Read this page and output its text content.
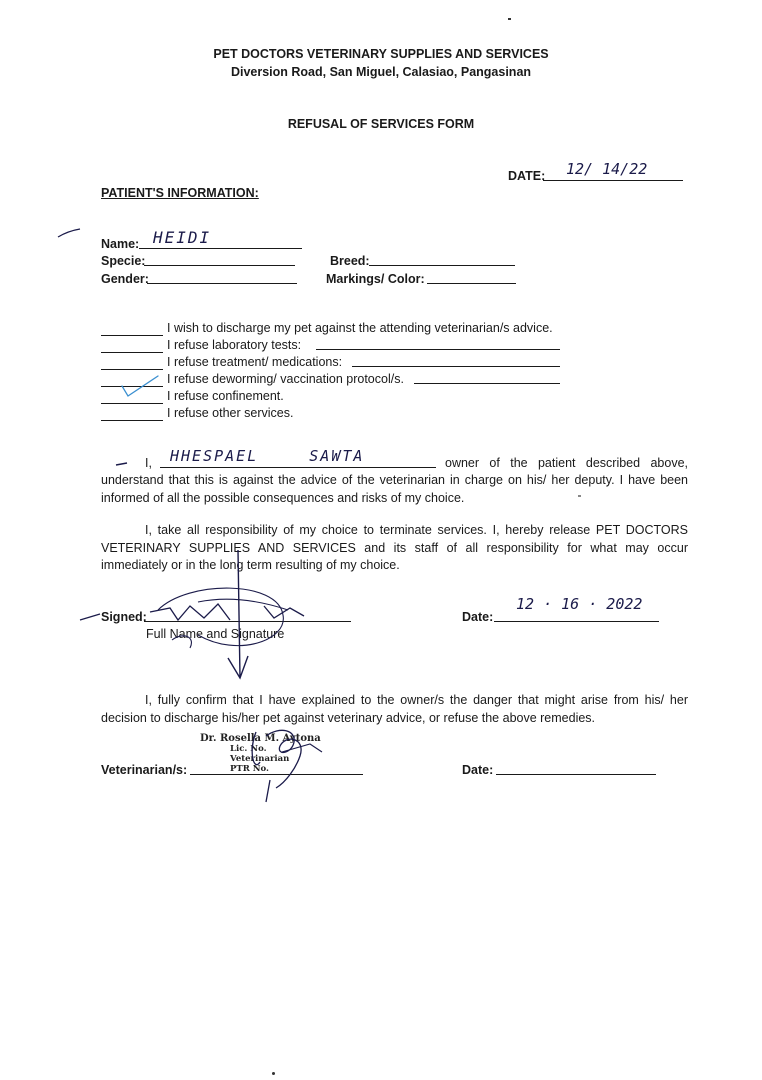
PET DOCTORS VETERINARY SUPPLIES AND SERVICES
Diversion Road, San Miguel, Calasiao, Pangasinan
REFUSAL OF SERVICES FORM
DATE: 12/ 14/22
PATIENT'S INFORMATION:
Name: HEIDI
Specie:	Breed:
Gender:	Markings/ Color:
I wish to discharge my pet against the attending veterinarian/s advice.
I refuse laboratory tests:
I refuse treatment/ medications:
I refuse deworming/ vaccination protocol/s.
I refuse confinement.
I refuse other services.
I, HHESPAEL SAWTA	owner of the patient described above,
understand that this is against the advice of the veterinarian in charge on his/ her deputy. I have been informed of all the possible consequences and risks of my choice.
I, take all responsibility of my choice to terminate services. I, hereby release PET DOCTORS VETERINARY SUPPLIES AND SERVICES and its staff of all responsibility for what may occur immediately or in the long term resulting of my choice.
Signed:
Full Name and Signature
Date:
12 · 16 · 2022
I, fully confirm that I have explained to the owner/s the danger that might arise from his/ her decision to discharge his/her pet against veterinary advice, or refuse the above remedies.
Veterinarian/s:	Date:
Dr. Rosella M. Aytona
Lic. No.
Veterinarian
PTR No.
